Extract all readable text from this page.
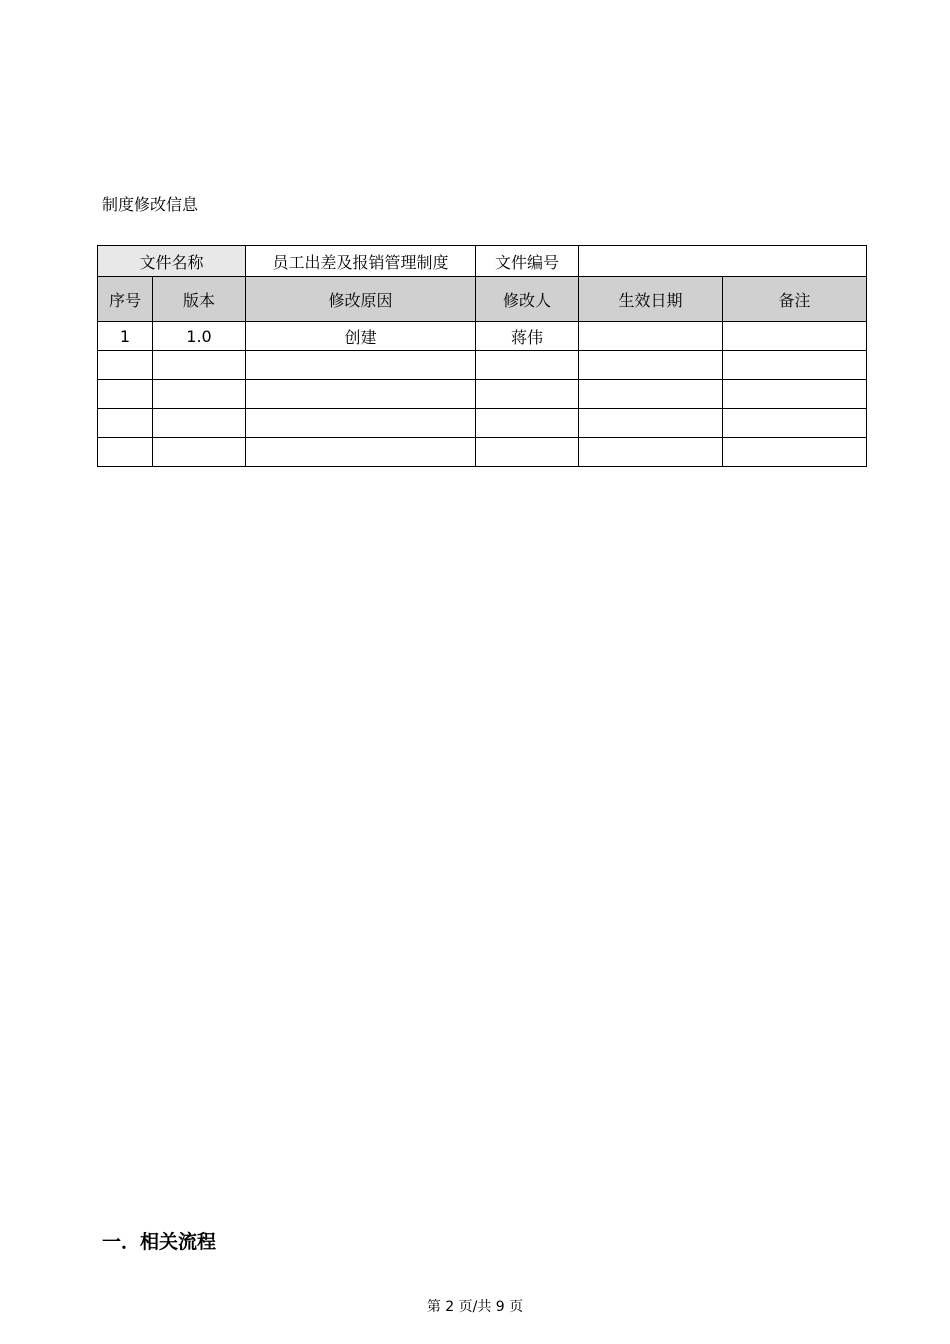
制度修改信息
文件名称		员工出差及报销管理制度	文件编号		
序号	版本	修改原因	修改人	生效日期	备注
1	1.0	创建	蒋伟		

一．相关流程
第 2 页/共 9 页
